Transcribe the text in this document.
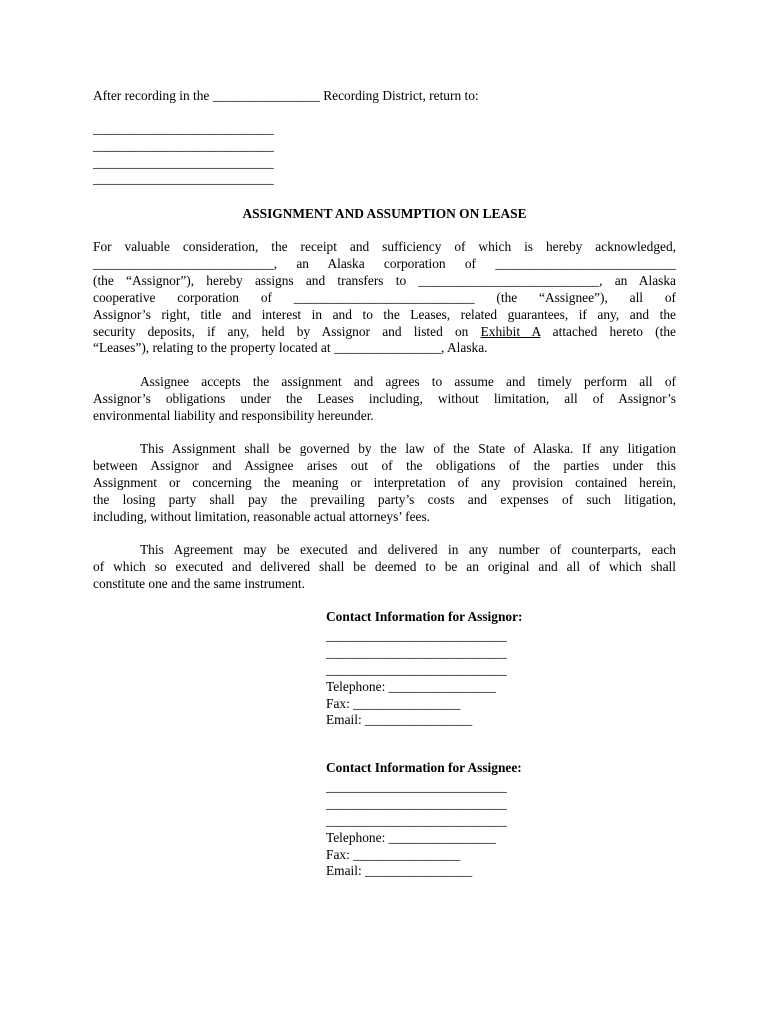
After recording in the ________________ Recording District, return to:
___________________________
___________________________
___________________________
___________________________
ASSIGNMENT AND ASSUMPTION ON LEASE
For valuable consideration, the receipt and sufficiency of which is hereby acknowledged,
___________________________, an Alaska corporation of ___________________________
(the “Assignor”), hereby assigns and transfers to ___________________________, an Alaska
cooperative corporation of ___________________________ (the “Assignee”), all of
Assignor’s right, title and interest in and to the Leases, related guarantees, if any, and the
security deposits, if any, held by Assignor and listed on Exhibit A attached hereto (the
“Leases”), relating to the property located at ________________, Alaska.
Assignee accepts the assignment and agrees to assume and timely perform all of
Assignor’s obligations under the Leases including, without limitation, all of Assignor’s
environmental liability and responsibility hereunder.
This Assignment shall be governed by the law of the State of Alaska. If any litigation
between Assignor and Assignee arises out of the obligations of the parties under this
Assignment or concerning the meaning or interpretation of any provision contained herein,
the losing party shall pay the prevailing party’s costs and expenses of such litigation,
including, without limitation, reasonable actual attorneys’ fees.
This Agreement may be executed and delivered in any number of counterparts, each
of which so executed and delivered shall be deemed to be an original and all of which shall
constitute one and the same instrument.
Contact Information for Assignor:
___________________________
___________________________
___________________________
Telephone: ________________
Fax: ________________
Email: ________________
Contact Information for Assignee:
___________________________
___________________________
___________________________
Telephone: ________________
Fax: ________________
Email: ________________
